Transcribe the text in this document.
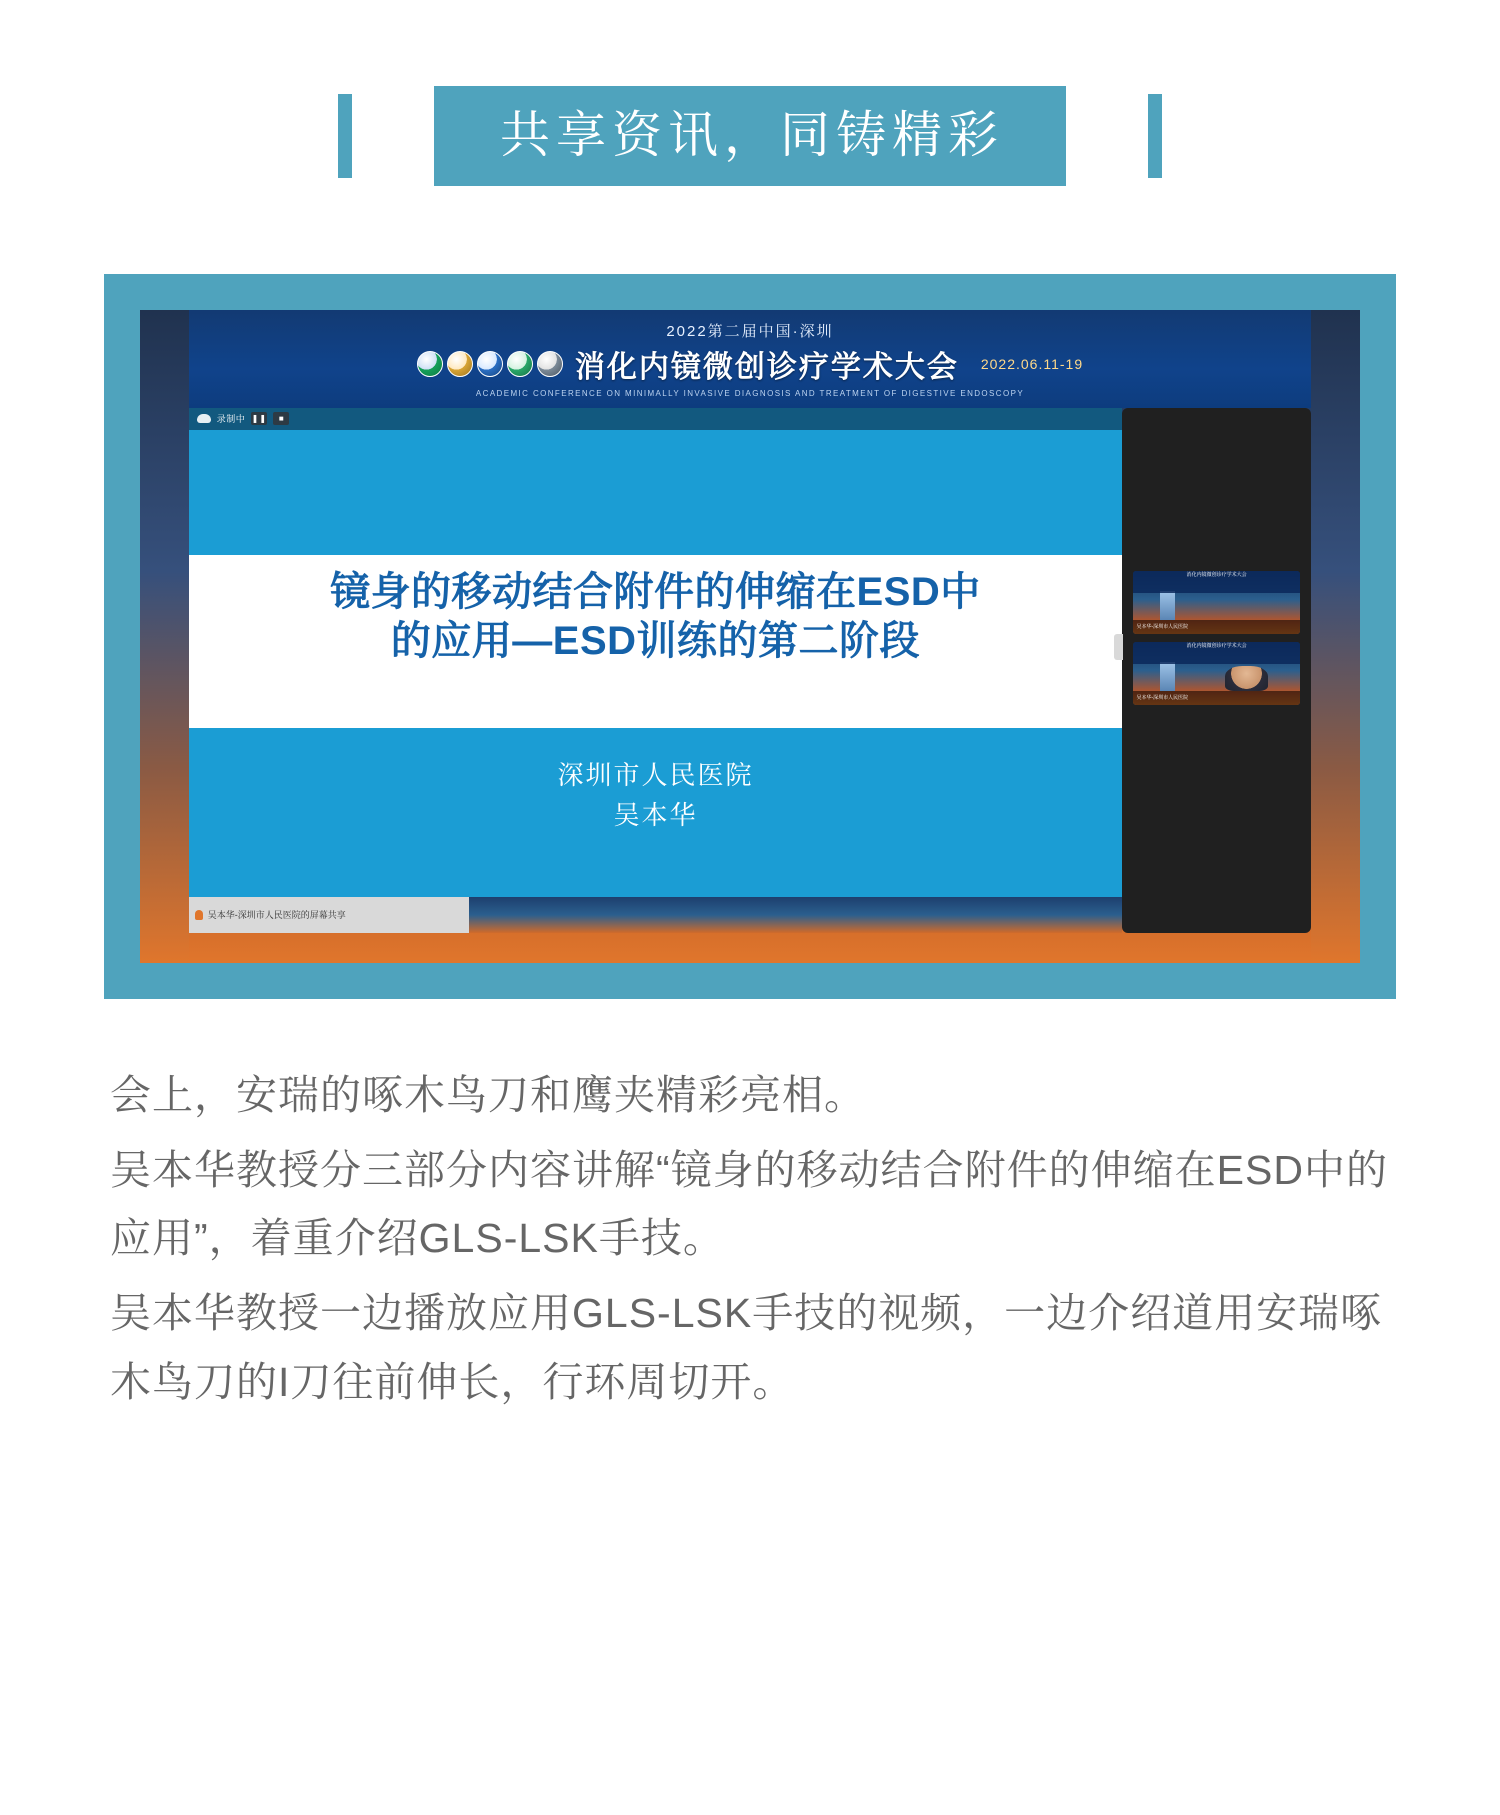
共享资讯，同铸精彩
2022第二届中国·深圳
消化内镜微创诊疗学术大会 2022.06.11-19
ACADEMIC CONFERENCE ON MINIMALLY INVASIVE DIAGNOSIS AND TREATMENT OF DIGESTIVE ENDOSCOPY
录制中 ❚❚	■
镜身的移动结合附件的伸缩在ESD中
的应用—ESD训练的第二阶段
深圳市人民医院
吴本华
吴本华-深圳市人民医院的屏幕共享
消化内镜微创诊疗学术大会
吴本华-深圳市人民医院
消化内镜微创诊疗学术大会
吴本华-深圳市人民医院

会上，安瑞的啄木鸟刀和鹰夹精彩亮相。

吴本华教授分三部分内容讲解“镜身的移动结合附件的伸缩在ESD中的应用”，着重介绍GLS-LSK手技。

吴本华教授一边播放应用GLS-LSK手技的视频，一边介绍道用安瑞啄木鸟刀的I刀往前伸长，行环周切开。
